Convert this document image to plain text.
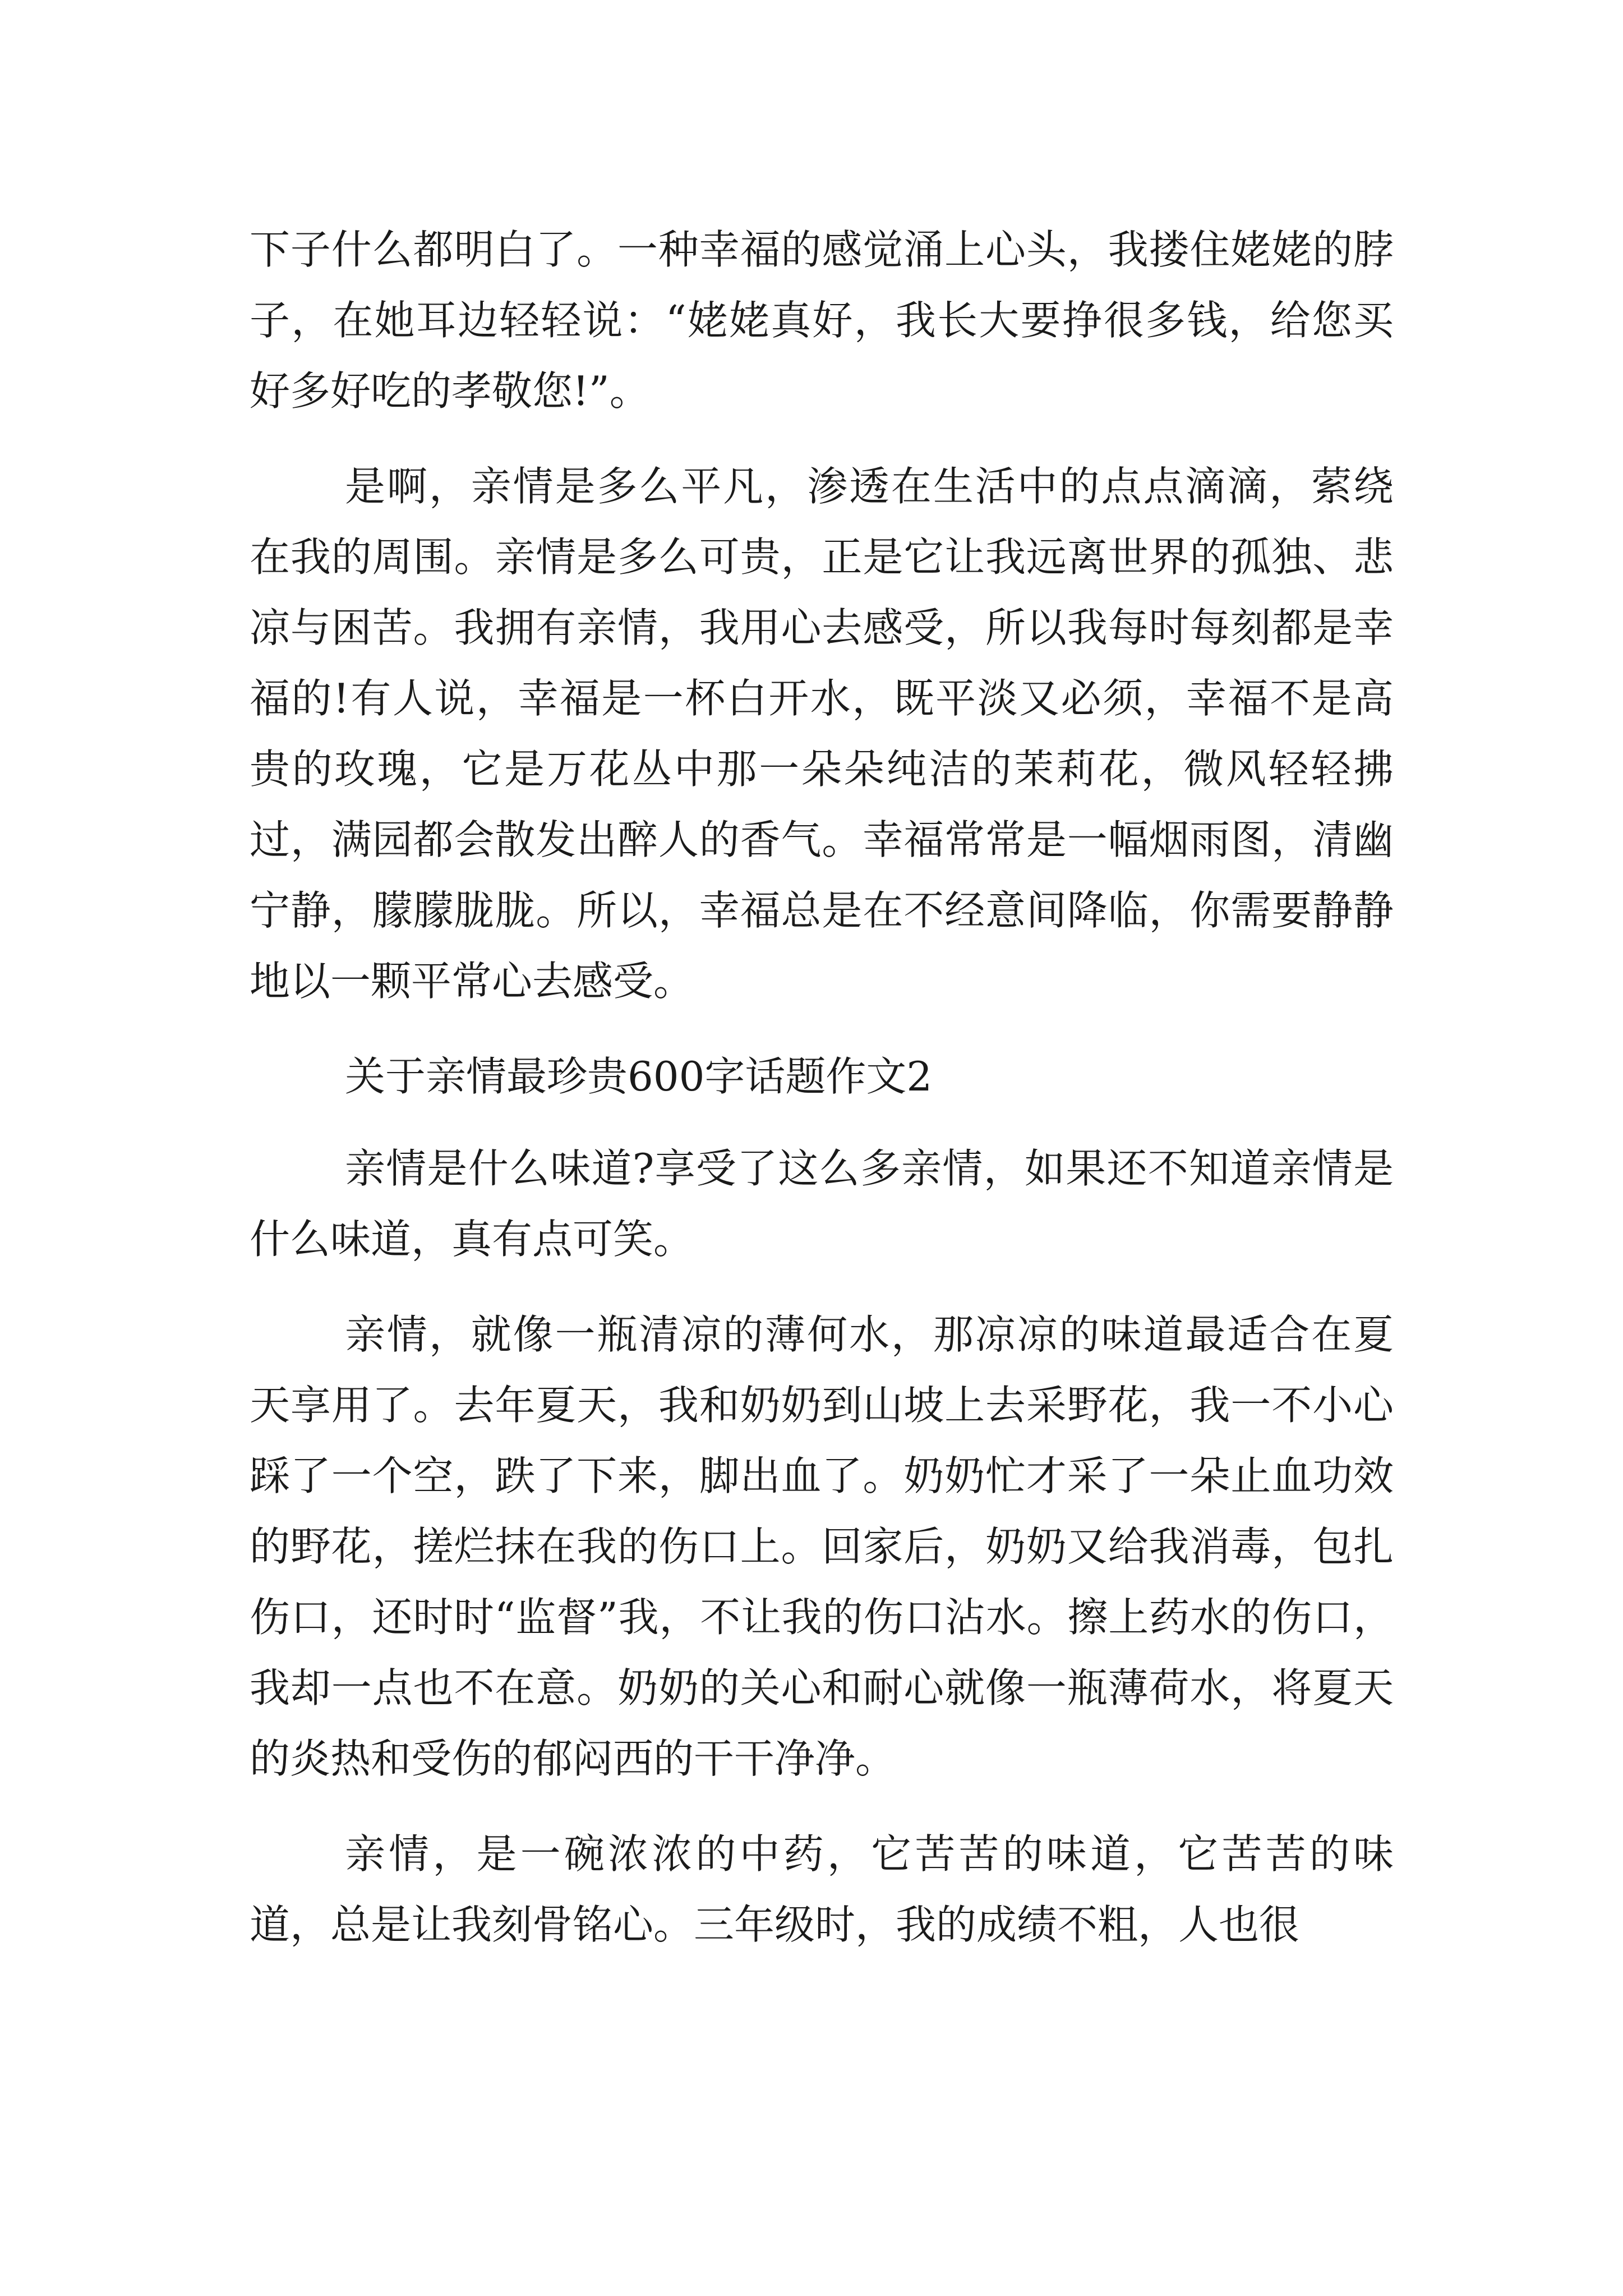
下子什么都明白了。一种幸福的感觉涌上心头，我搂住姥姥的脖子，在她耳边轻轻说：“姥姥真好，我长大要挣很多钱，给您买好多好吃的孝敬您!”。

是啊，亲情是多么平凡，渗透在生活中的点点滴滴，萦绕在我的周围。亲情是多么可贵，正是它让我远离世界的孤独、悲凉与困苦。我拥有亲情，我用心去感受，所以我每时每刻都是幸福的!有人说，幸福是一杯白开水，既平淡又必须，幸福不是高贵的玫瑰，它是万花丛中那一朵朵纯洁的茉莉花，微风轻轻拂过，满园都会散发出醉人的香气。幸福常常是一幅烟雨图，清幽宁静，朦朦胧胧。所以，幸福总是在不经意间降临，你需要静静地以一颗平常心去感受。

关于亲情最珍贵600字话题作文2

亲情是什么味道?享受了这么多亲情，如果还不知道亲情是什么味道，真有点可笑。

亲情，就像一瓶清凉的薄何水，那凉凉的味道最适合在夏天享用了。去年夏天，我和奶奶到山坡上去采野花，我一不小心踩了一个空，跌了下来，脚出血了。奶奶忙才采了一朵止血功效的野花，搓烂抹在我的伤口上。回家后，奶奶又给我消毒，包扎伤口，还时时“监督”我，不让我的伤口沾水。擦上药水的伤口，我却一点也不在意。奶奶的关心和耐心就像一瓶薄荷水，将夏天的炎热和受伤的郁闷西的干干净净。

亲情，是一碗浓浓的中药，它苦苦的味道，它苦苦的味道，总是让我刻骨铭心。三年级时，我的成绩不粗，人也很
